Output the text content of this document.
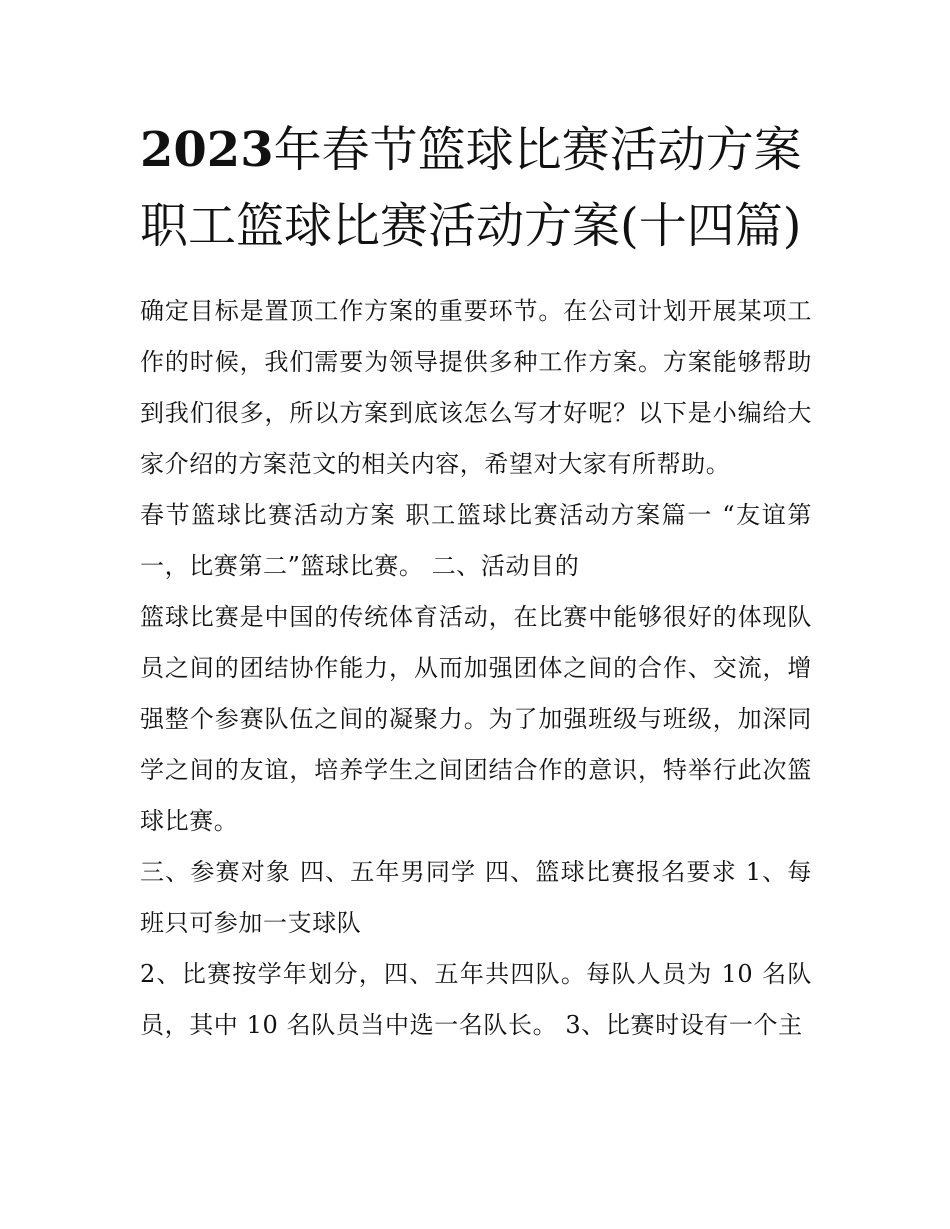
2023年春节篮球比赛活动方案职工篮球比赛活动方案(十四篇)

确定目标是置顶工作方案的重要环节。在公司计划开展某项工作的时候，我们需要为领导提供多种工作方案。方案能够帮助到我们很多，所以方案到底该怎么写才好呢？以下是小编给大家介绍的方案范文的相关内容，希望对大家有所帮助。

春节篮球比赛活动方案 职工篮球比赛活动方案篇一 “友谊第一，比赛第二”篮球比赛。 二、活动目的

篮球比赛是中国的传统体育活动，在比赛中能够很好的体现队员之间的团结协作能力，从而加强团体之间的合作、交流，增强整个参赛队伍之间的凝聚力。为了加强班级与班级，加深同学之间的友谊，培养学生之间团结合作的意识，特举行此次篮球比赛。

三、参赛对象 四、五年男同学 四、篮球比赛报名要求 1、每班只可参加一支球队

2、比赛按学年划分，四、五年共四队。每队人员为 10 名队员，其中 10 名队员当中选一名队长。 3、比赛时设有一个主
